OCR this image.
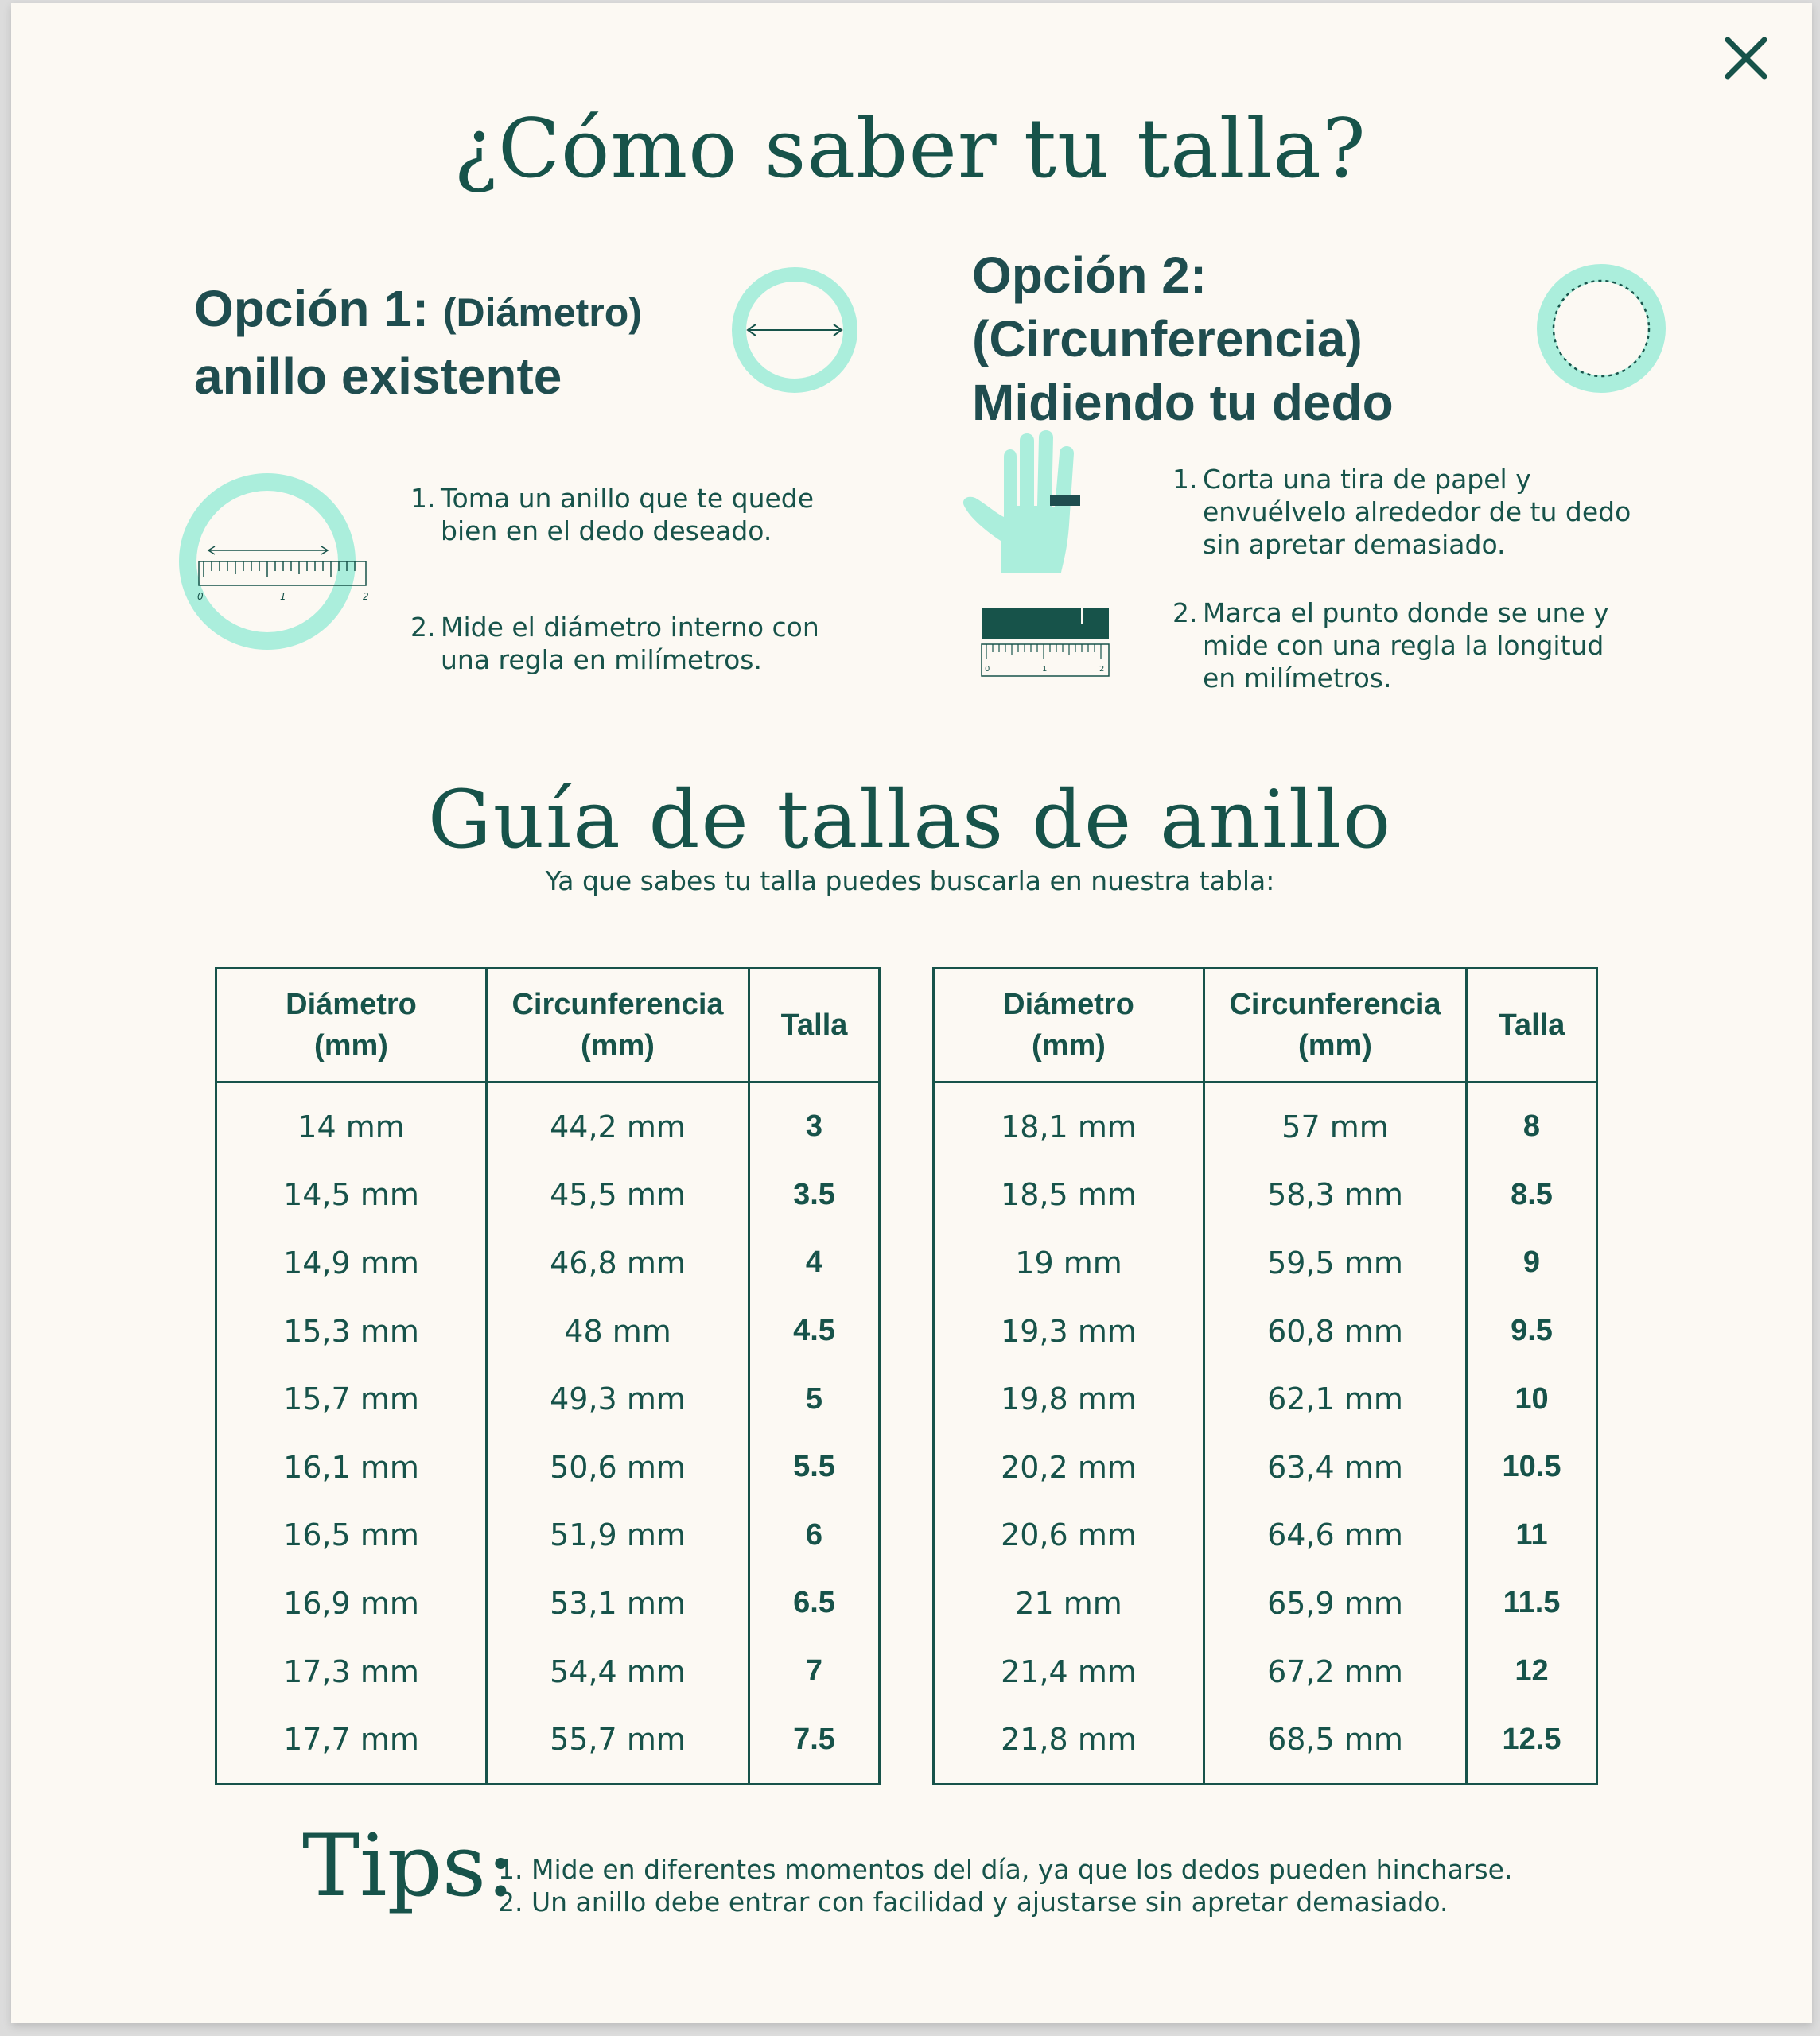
¿Cómo saber tu talla?
Opción 1: (Diámetro)
anillo existente
0	1	2
1. Toma un anillo que te quede bien en el dedo deseado.
2. Mide el diámetro interno con una regla en milímetros.
Opción 2:
(Circunferencia)
Midiendo tu dedo
0	1	2
1. Corta una tira de papel y envuélvelo alrededor de tu dedo sin apretar demasiado.
2. Marca el punto donde se une y mide con una regla la longitud en milímetros.
Guía de tallas de anillo
Ya que sabes tu talla puedes buscarla en nuestra tabla:
Diámetro
(mm)	Circunferencia
(mm)	Talla
14 mm	44,2 mm	3
14,5 mm	45,5 mm	3.5
14,9 mm	46,8 mm	4
15,3 mm	48 mm	4.5
15,7 mm	49,3 mm	5
16,1 mm	50,6 mm	5.5
16,5 mm	51,9 mm	6
16,9 mm	53,1 mm	6.5
17,3 mm	54,4 mm	7
17,7 mm	55,7 mm	7.5
Diámetro
(mm)	Circunferencia
(mm)	Talla
18,1 mm	57 mm	8
18,5 mm	58,3 mm	8.5
19 mm	59,5 mm	9
19,3 mm	60,8 mm	9.5
19,8 mm	62,1 mm	10
20,2 mm	63,4 mm	10.5
20,6 mm	64,6 mm	11
21 mm	65,9 mm	11.5
21,4 mm	67,2 mm	12
21,8 mm	68,5 mm	12.5
Tips:
1. Mide en diferentes momentos del día, ya que los dedos pueden hincharse.
2. Un anillo debe entrar con facilidad y ajustarse sin apretar demasiado.
